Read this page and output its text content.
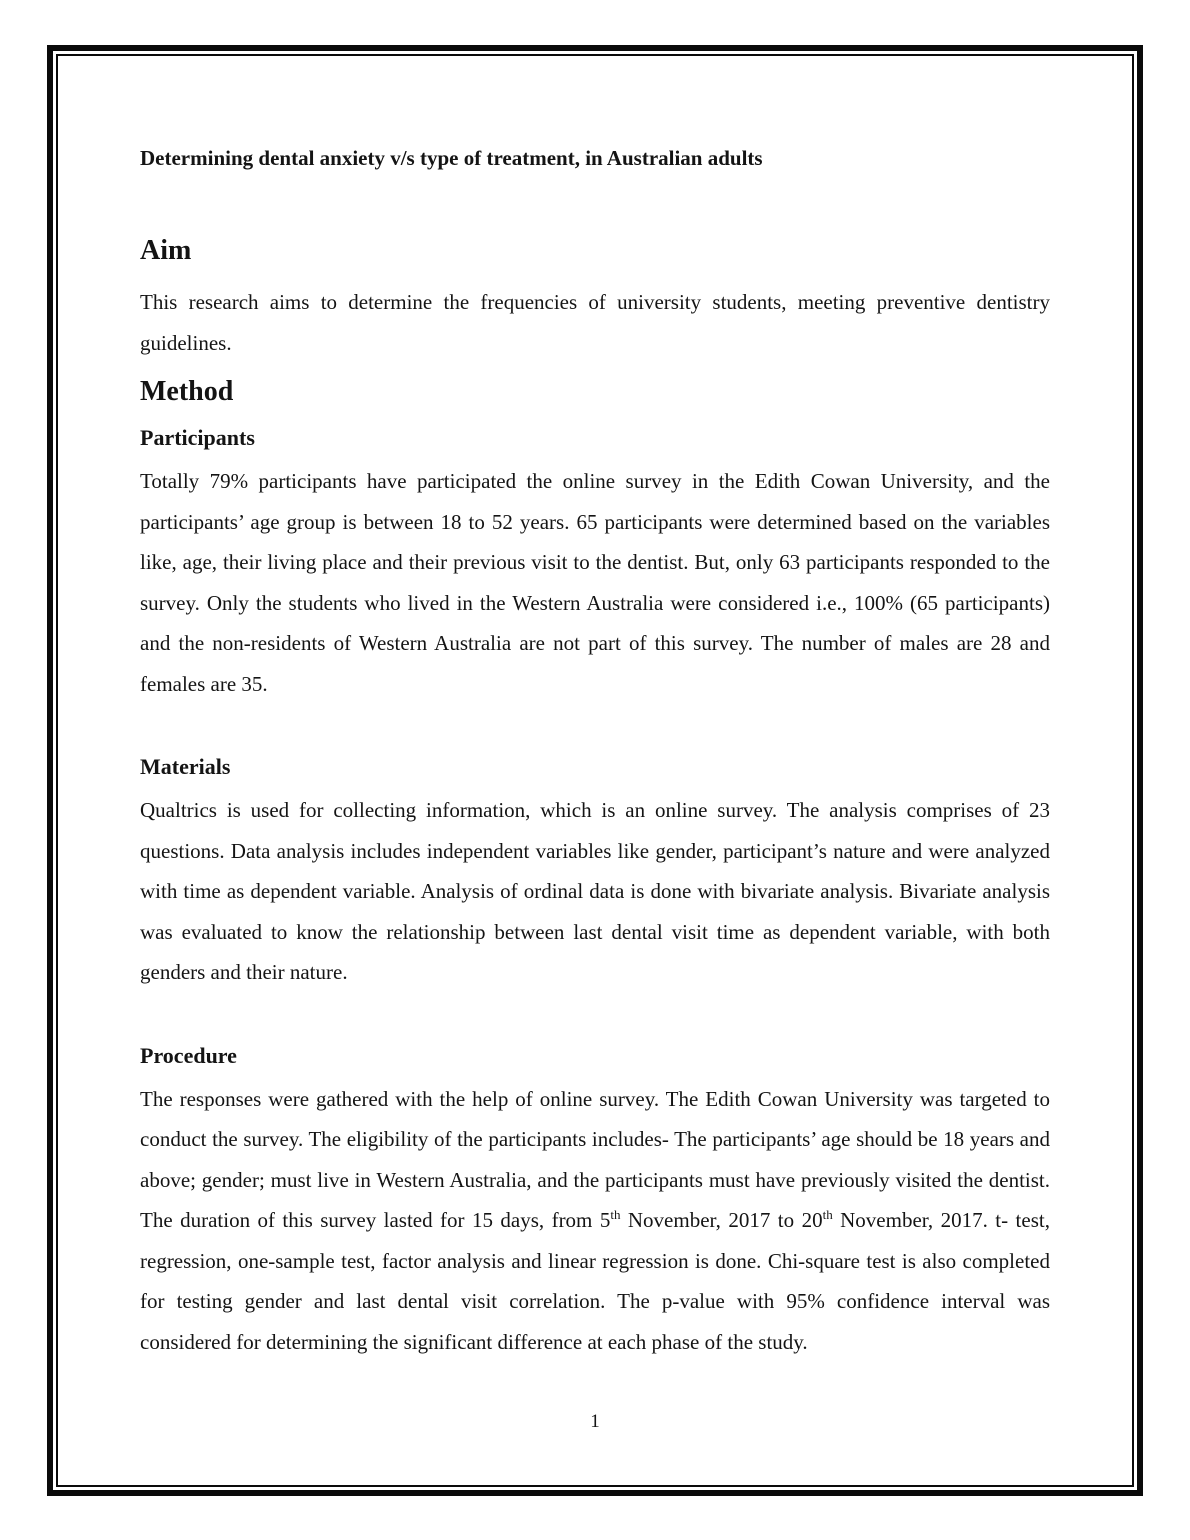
Determining dental anxiety v/s type of treatment, in Australian adults

Aim

This research aims to determine the frequencies of university students, meeting preventive dentistry guidelines.

Method
Participants

Totally 79% participants have participated the online survey in the Edith Cowan University, and the participants’ age group is between 18 to 52 years. 65 participants were determined based on the variables like, age, their living place and their previous visit to the dentist. But, only 63 participants responded to the survey. Only the students who lived in the Western Australia were considered i.e., 100% (65 participants) and the non-residents of Western Australia are not part of this survey. The number of males are 28 and females are 35.

Materials

Qualtrics is used for collecting information, which is an online survey. The analysis comprises of 23 questions. Data analysis includes independent variables like gender, participant’s nature and were analyzed with time as dependent variable. Analysis of ordinal data is done with bivariate analysis. Bivariate analysis was evaluated to know the relationship between last dental visit time as dependent variable, with both genders and their nature.

Procedure

The responses were gathered with the help of online survey. The Edith Cowan University was targeted to conduct the survey. The eligibility of the participants includes- The participants’ age should be 18 years and above; gender; must live in Western Australia, and the participants must have previously visited the dentist. The duration of this survey lasted for 15 days, from 5th November, 2017 to 20th November, 2017. t- test, regression, one-sample test, factor analysis and linear regression is done. Chi-square test is also completed for testing gender and last dental visit correlation. The p-value with 95% confidence interval was considered for determining the significant difference at each phase of the study.

1
